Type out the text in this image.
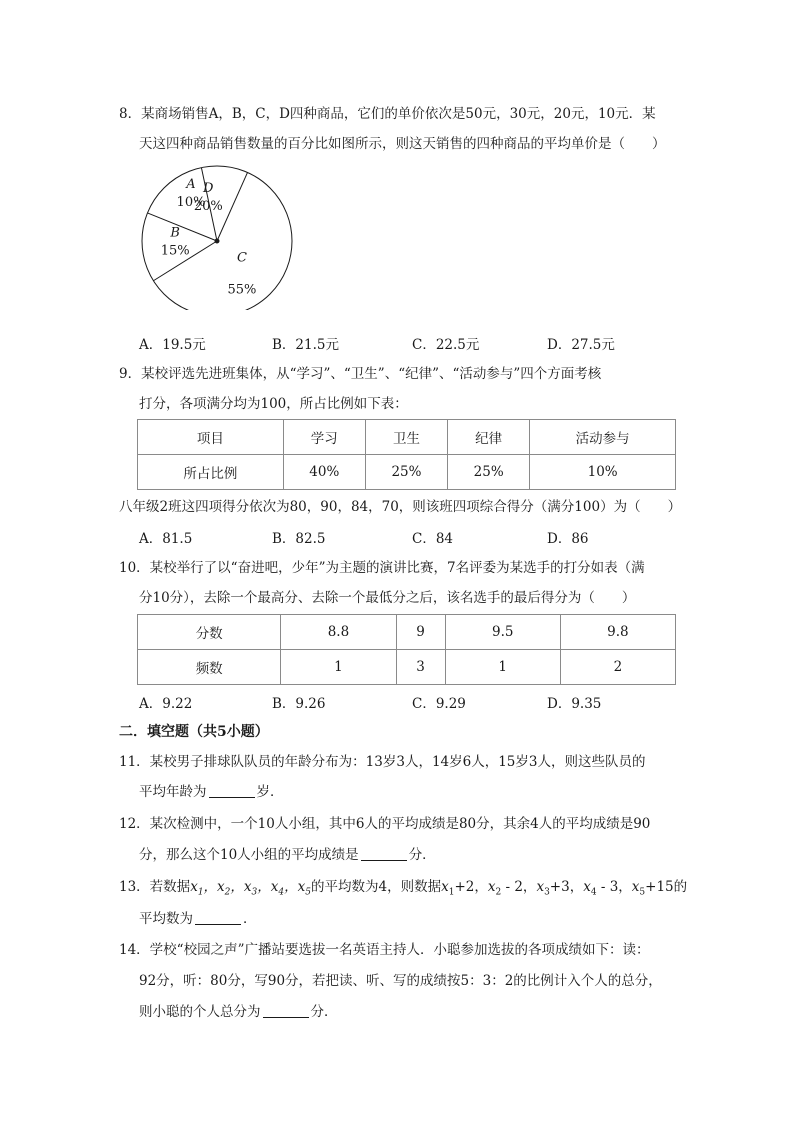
8．某商场销售A，B，C，D四种商品，它们的单价依次是50元，30元，20元，10元．某
天这四种商品销售数量的百分比如图所示，则这天销售的四种商品的平均单价是（　　）
A
10%
B
15%	C
55%
D
20%
A．19.5元	B．21.5元	C．22.5元	D．27.5元
9．某校评选先进班集体，从“学习”、“卫生”、“纪律”、“活动参与”四个方面考核
打分，各项满分均为100，所占比例如下表：
项目	学习	卫生	纪律	活动参与
所占比例	40%	25%	25%	10%
八年级2班这四项得分依次为80，90，84，70，则该班四项综合得分（满分100）为（　　）
A．81.5	B．82.5	C．84	D．86
10．某校举行了以“奋进吧，少年”为主题的演讲比赛，7名评委为某选手的打分如表（满
分10分），去除一个最高分、去除一个最低分之后，该名选手的最后得分为（　　）
分数	8.8	9	9.5	9.8
频数	1	3	1	2
A．9.22	B．9.26	C．9.29	D．9.35
二．填空题（共5小题）
11．某校男子排球队队员的年龄分布为：13岁3人，14岁6人，15岁3人，则这些队员的
平均年龄为	岁．
12．某次检测中，一个10人小组，其中6人的平均成绩是80分，其余4人的平均成绩是90
分，那么这个10人小组的平均成绩是	分．
13．若数据$x_1$，$x_2$，$x_3$，$x_4$，$x_5$的平均数为4，则数据$x_1+2$，$x_2 - 2$，$x_3+3$，$x_4 - 3$，$x_5+15$的
平均数为	．
14．学校“校园之声”广播站要选拔一名英语主持人．小聪参加选拔的各项成绩如下：读：
92分，听：80分，写90分，若把读、听、写的成绩按5：3：2的比例计入个人的总分，
则小聪的个人总分为	分．
